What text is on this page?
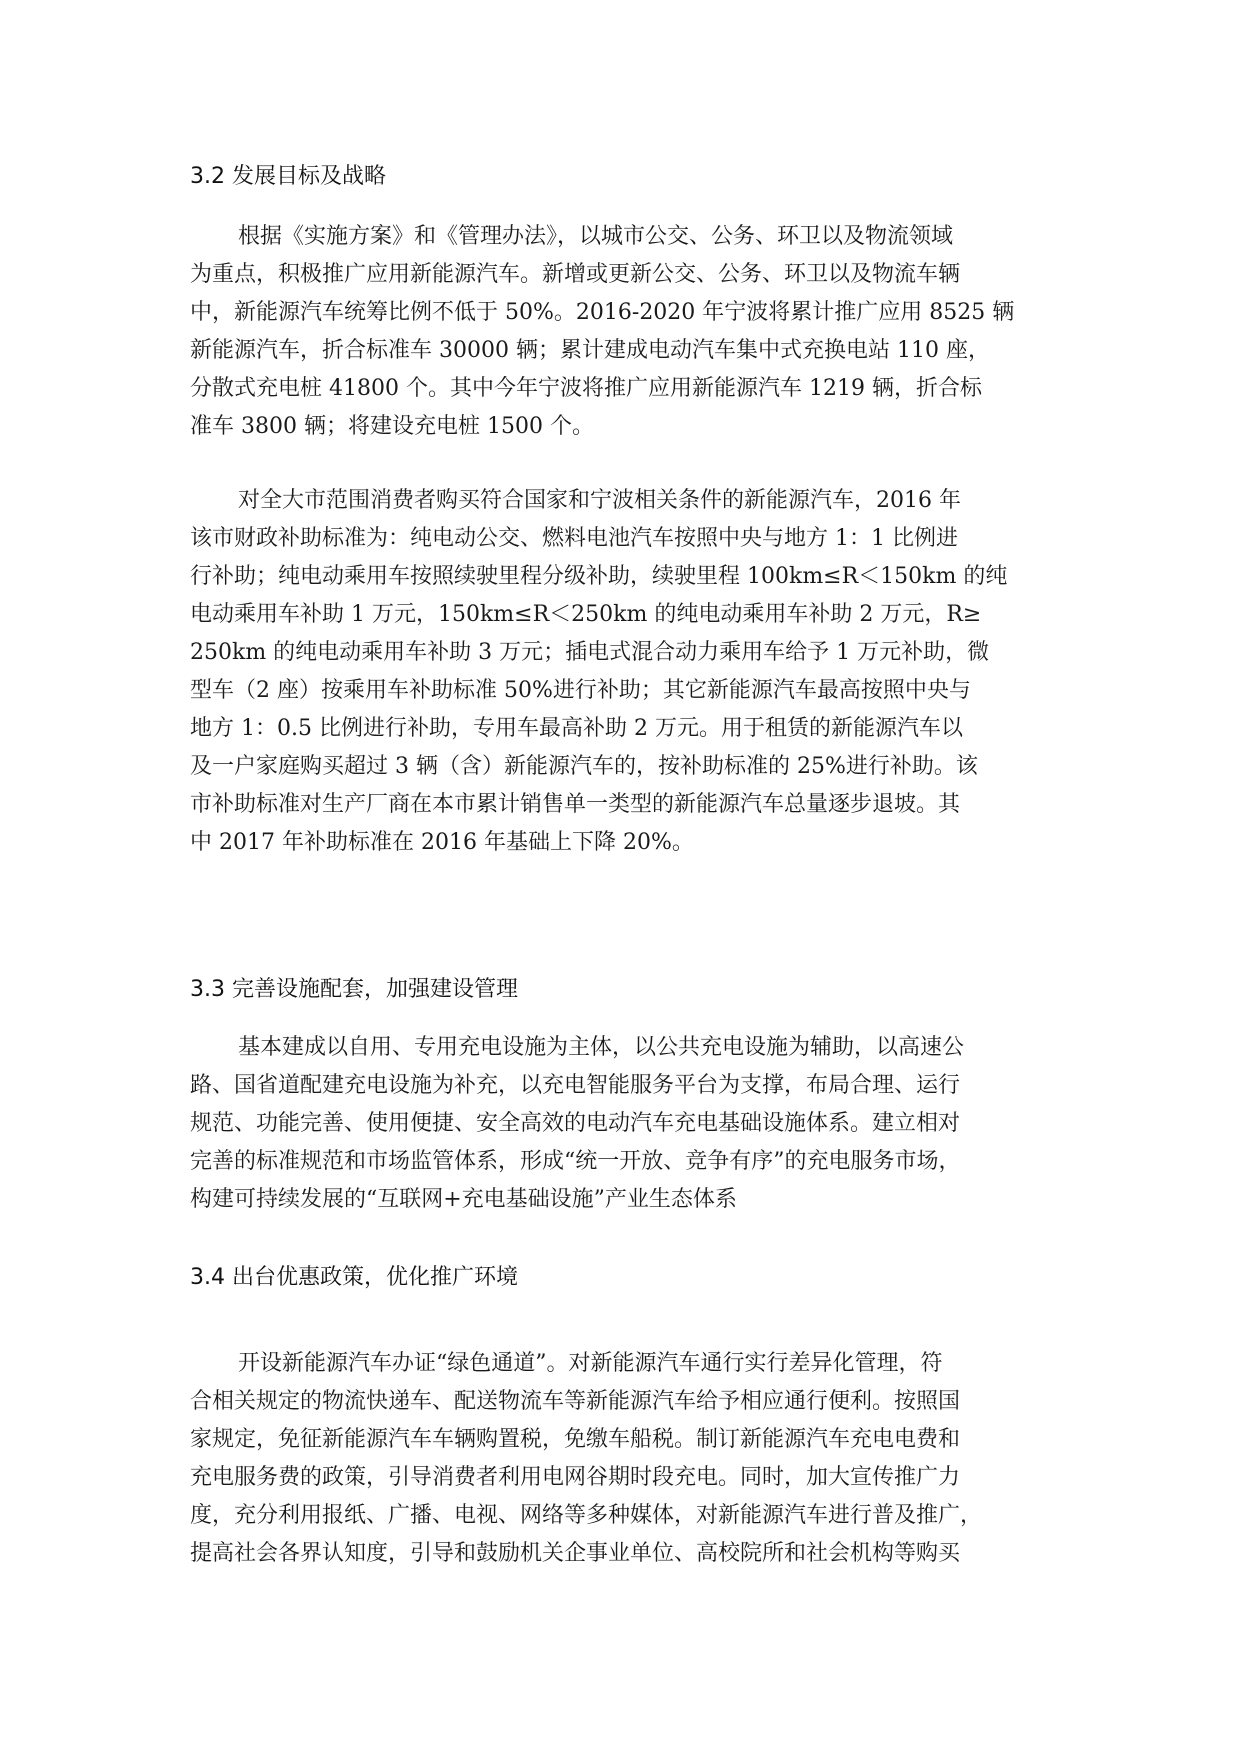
3.2 发展目标及战略

根据《实施方案》和《管理办法》，以城市公交、公务、环卫以及物流领域
为重点，积极推广应用新能源汽车。新增或更新公交、公务、环卫以及物流车辆
中，新能源汽车统筹比例不低于 50%。2016-2020 年宁波将累计推广应用 8525 辆
新能源汽车，折合标准车 30000 辆；累计建成电动汽车集中式充换电站 110 座，
分散式充电桩 41800 个。其中今年宁波将推广应用新能源汽车 1219 辆，折合标
准车 3800 辆；将建设充电桩 1500 个。

对全大市范围消费者购买符合国家和宁波相关条件的新能源汽车，2016 年
该市财政补助标准为：纯电动公交、燃料电池汽车按照中央与地方 1：1 比例进
行补助；纯电动乘用车按照续驶里程分级补助，续驶里程 100km≤R＜150km 的纯
电动乘用车补助 1 万元，150km≤R＜250km 的纯电动乘用车补助 2 万元，R≥
250km 的纯电动乘用车补助 3 万元；插电式混合动力乘用车给予 1 万元补助，微
型车（2 座）按乘用车补助标准 50%进行补助；其它新能源汽车最高按照中央与
地方 1：0.5 比例进行补助，专用车最高补助 2 万元。用于租赁的新能源汽车以
及一户家庭购买超过 3 辆（含）新能源汽车的，按补助标准的 25%进行补助。该
市补助标准对生产厂商在本市累计销售单一类型的新能源汽车总量逐步退坡。其
中 2017 年补助标准在 2016 年基础上下降 20%。

3.3 完善设施配套，加强建设管理

基本建成以自用、专用充电设施为主体，以公共充电设施为辅助，以高速公
路、国省道配建充电设施为补充，以充电智能服务平台为支撑，布局合理、运行
规范、功能完善、使用便捷、安全高效的电动汽车充电基础设施体系。建立相对
完善的标准规范和市场监管体系，形成“统一开放、竞争有序”的充电服务市场，
构建可持续发展的“互联网+充电基础设施”产业生态体系

3.4 出台优惠政策，优化推广环境

开设新能源汽车办证“绿色通道”。对新能源汽车通行实行差异化管理，符
合相关规定的物流快递车、配送物流车等新能源汽车给予相应通行便利。按照国
家规定，免征新能源汽车车辆购置税，免缴车船税。制订新能源汽车充电电费和
充电服务费的政策，引导消费者利用电网谷期时段充电。同时，加大宣传推广力
度，充分利用报纸、广播、电视、网络等多种媒体，对新能源汽车进行普及推广，
提高社会各界认知度，引导和鼓励机关企事业单位、高校院所和社会机构等购买
